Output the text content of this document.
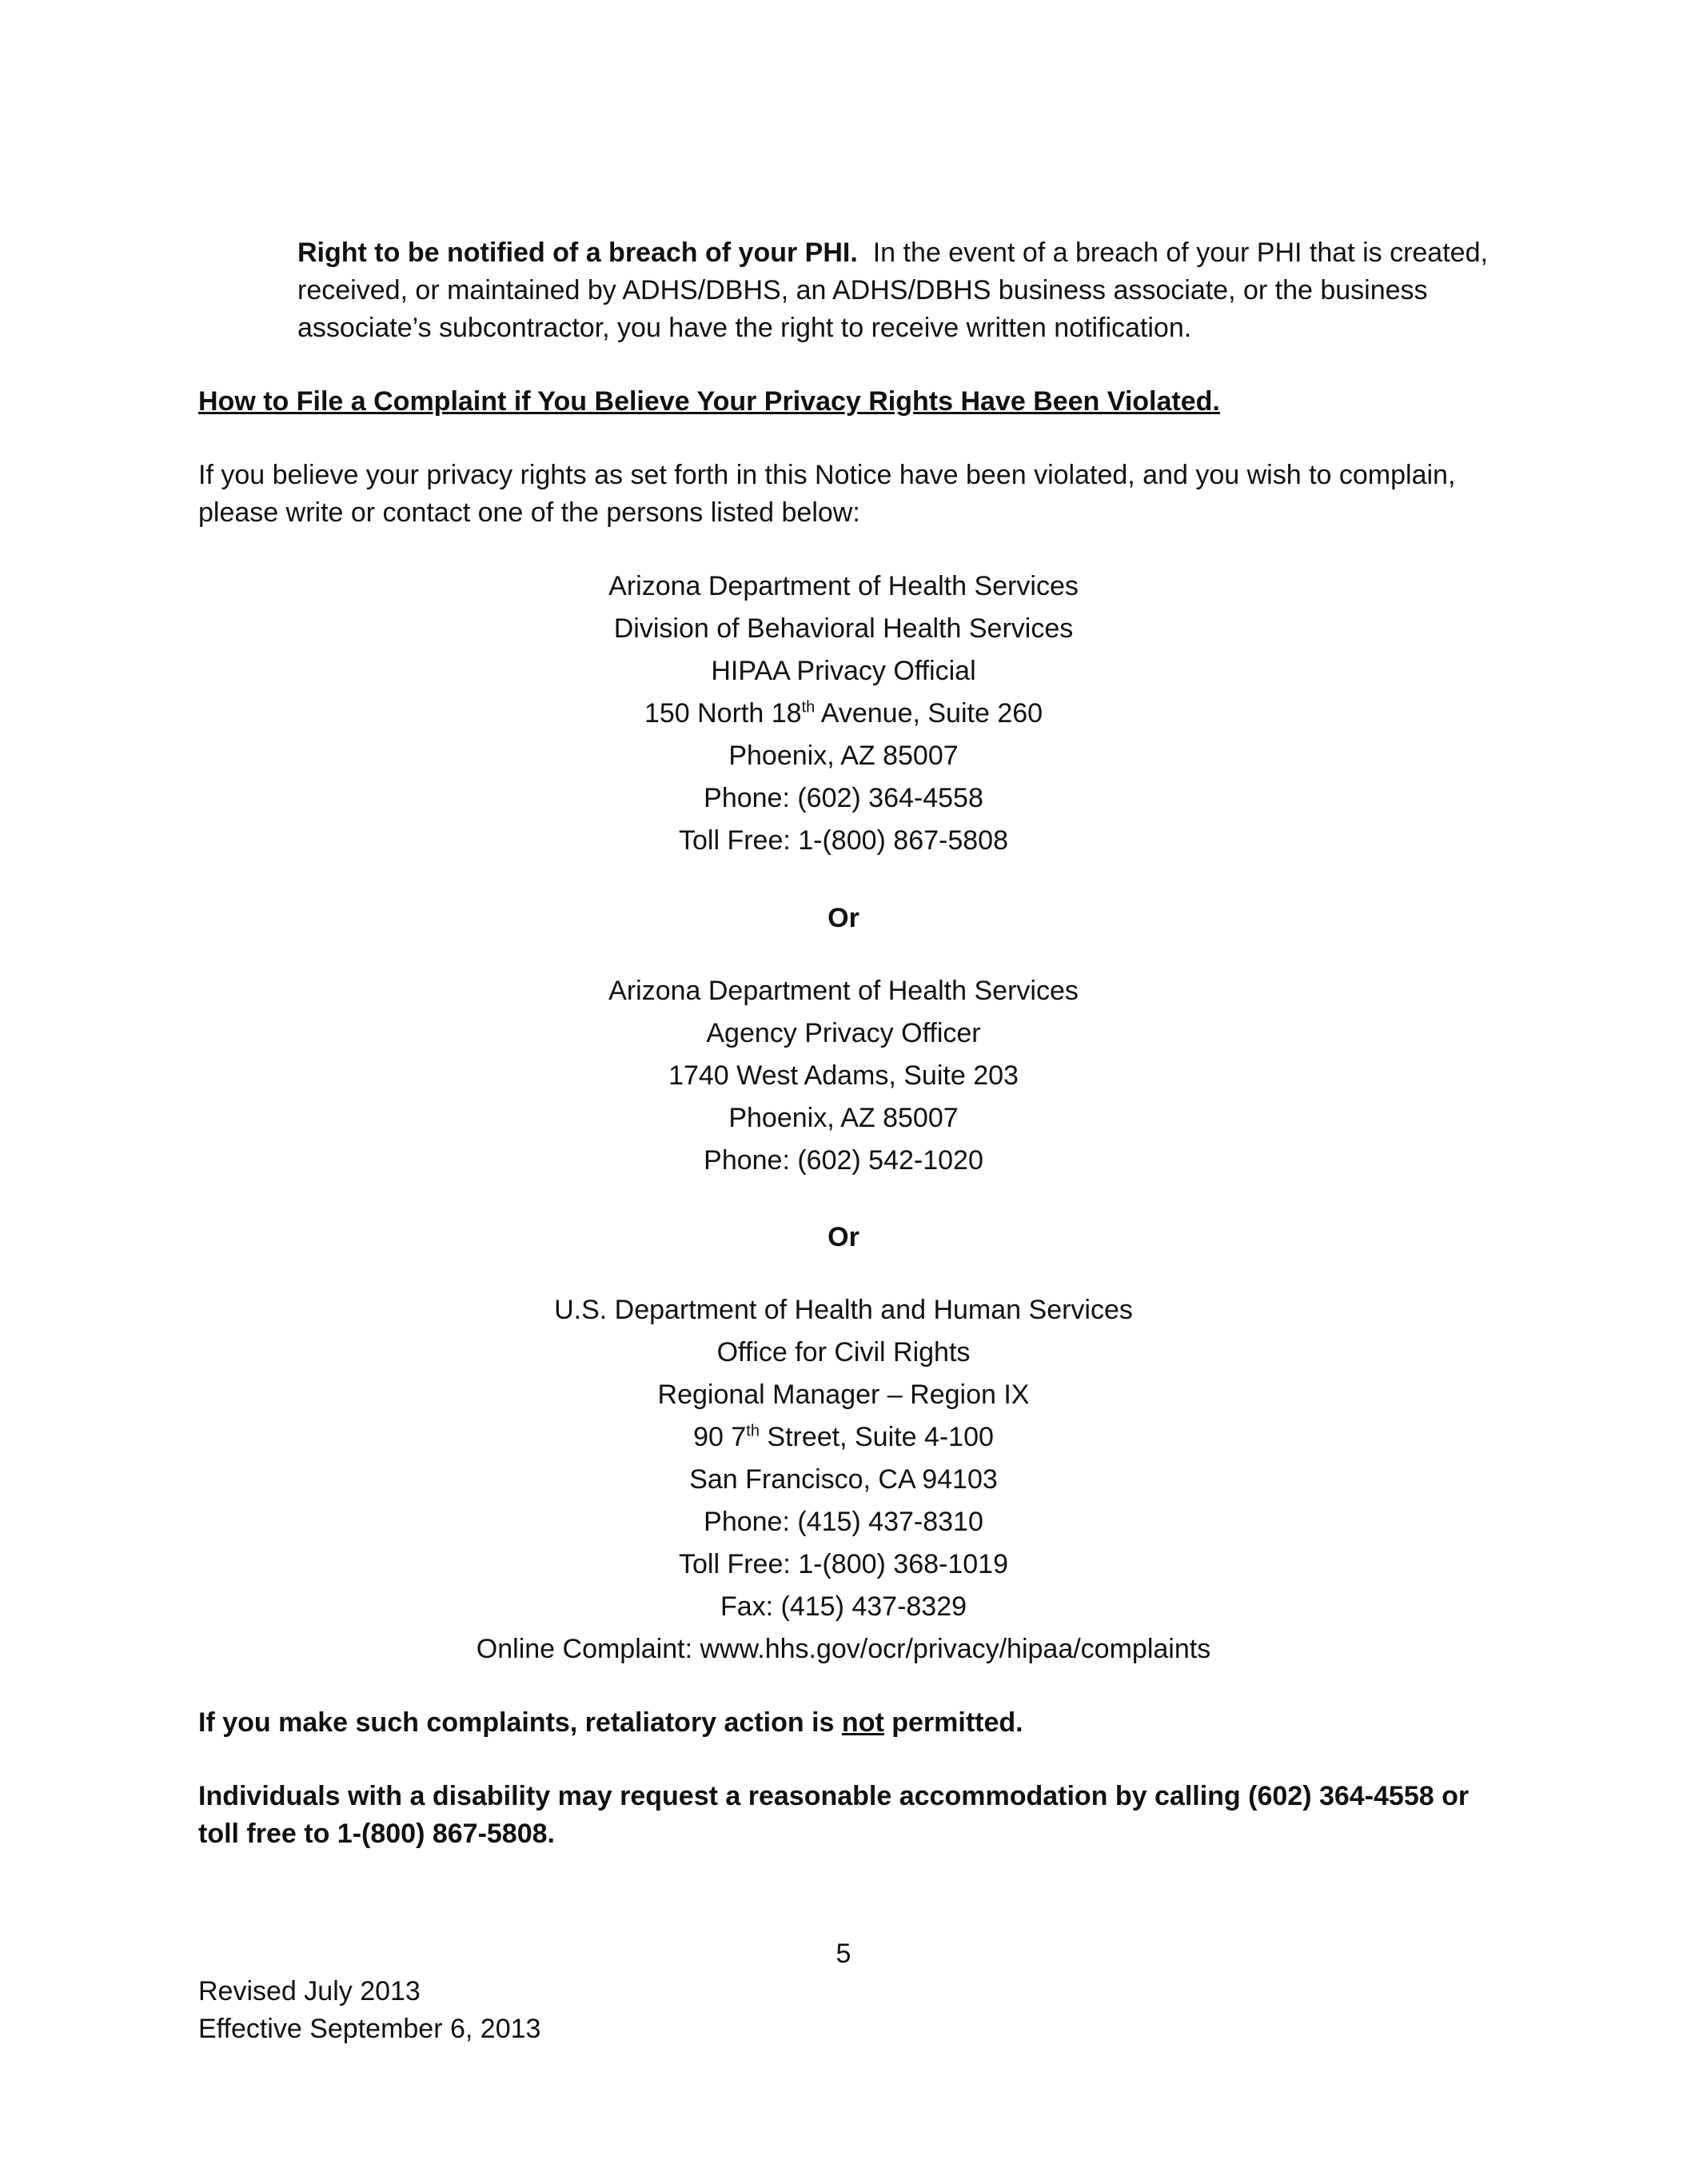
Right to be notified of a breach of your PHI. In the event of a breach of your PHI that is created, received, or maintained by ADHS/DBHS, an ADHS/DBHS business associate, or the business associate’s subcontractor, you have the right to receive written notification.

How to File a Complaint if You Believe Your Privacy Rights Have Been Violated.

If you believe your privacy rights as set forth in this Notice have been violated, and you wish to complain, please write or contact one of the persons listed below:

Arizona Department of Health Services
Division of Behavioral Health Services
HIPAA Privacy Official
150 North 18th Avenue, Suite 260
Phoenix, AZ 85007
Phone: (602) 364-4558
Toll Free: 1-(800) 867-5808
Or
Arizona Department of Health Services
Agency Privacy Officer
1740 West Adams, Suite 203
Phoenix, AZ 85007
Phone: (602) 542-1020
Or
U.S. Department of Health and Human Services
Office for Civil Rights
Regional Manager – Region IX
90 7th Street, Suite 4-100
San Francisco, CA 94103
Phone: (415) 437-8310
Toll Free: 1-(800) 368-1019
Fax: (415) 437-8329
Online Complaint: www.hhs.gov/ocr/privacy/hipaa/complaints

If you make such complaints, retaliatory action is not permitted.

Individuals with a disability may request a reasonable accommodation by calling (602) 364-4558 or toll free to 1-(800) 867-5808.

5
Revised July 2013
Effective September 6, 2013
